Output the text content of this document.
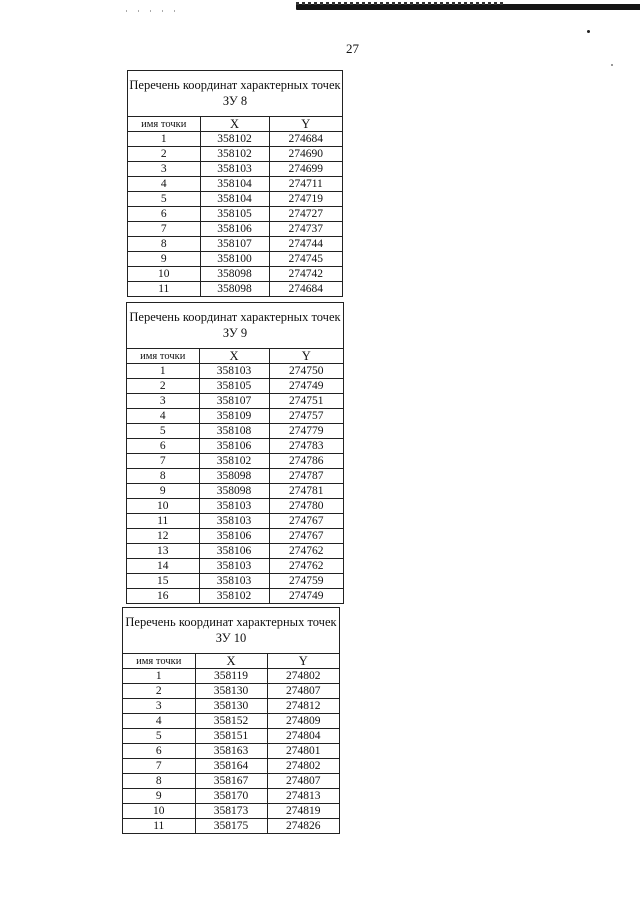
27
Перечень координат характерных точек
ЗУ 8
имя точки	X	Y
1	358102	274684
2	358102	274690
3	358103	274699
4	358104	274711
5	358104	274719
6	358105	274727
7	358106	274737
8	358107	274744
9	358100	274745
10	358098	274742
11	358098	274684
Перечень координат характерных точек
ЗУ 9
имя точки	X	Y
1	358103	274750
2	358105	274749
3	358107	274751
4	358109	274757
5	358108	274779
6	358106	274783
7	358102	274786
8	358098	274787
9	358098	274781
10	358103	274780
11	358103	274767
12	358106	274767
13	358106	274762
14	358103	274762
15	358103	274759
16	358102	274749
Перечень координат характерных точек
ЗУ 10
имя точки	X	Y
1	358119	274802
2	358130	274807
3	358130	274812
4	358152	274809
5	358151	274804
6	358163	274801
7	358164	274802
8	358167	274807
9	358170	274813
10	358173	274819
11	358175	274826
